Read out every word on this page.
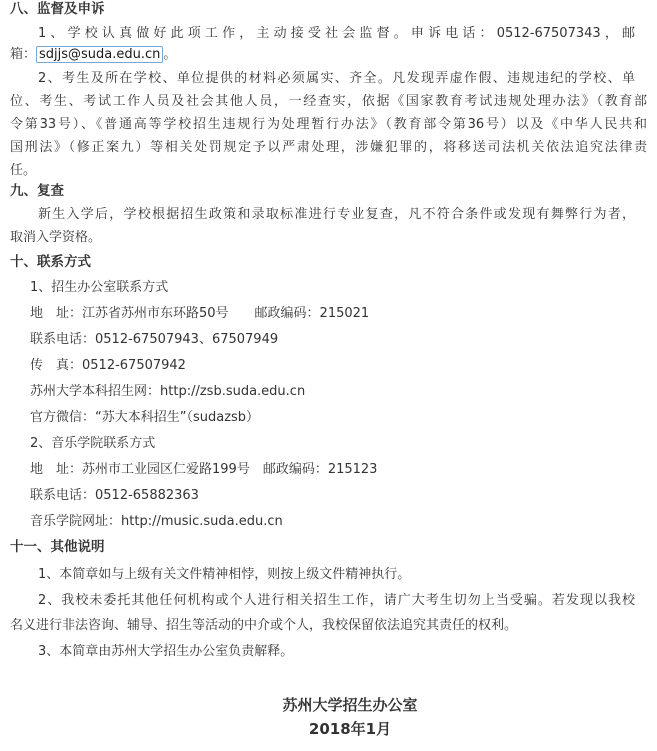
八、监督及申诉
1、学校认真做好此项工作，主动接受社会监督。申诉电话：0512-67507343，邮
箱： sdjjs@suda.edu.cn 。
2、考生及所在学校、单位提供的材料必须属实、齐全。凡发现弄虚作假、违规违纪的学校、单
位、考生、考试工作人员及社会其他人员，一经查实，依据《国家教育考试违规处理办法》（教育部
令第33号）、《普通高等学校招生违规行为处理暂行办法》（教育部令第36号）以及《中华人民共和
国刑法》（修正案九）等相关处罚规定予以严肃处理，涉嫌犯罪的，将移送司法机关依法追究法律责
任。
九、复查
新生入学后，学校根据招生政策和录取标准进行专业复查，凡不符合条件或发现有舞弊行为者，
取消入学资格。
十、联系方式
1、招生办公室联系方式
地　址：江苏省苏州市东环路50号　　邮政编码：215021
联系电话：0512-67507943、67507949
传　真：0512-67507942
苏州大学本科招生网：http://zsb.suda.edu.cn
官方微信：“苏大本科招生”（sudazsb）
2、音乐学院联系方式
地　址：苏州市工业园区仁爱路199号　邮政编码：215123
联系电话：0512-65882363
音乐学院网址：http://music.suda.edu.cn
十一、其他说明
1、本简章如与上级有关文件精神相悖，则按上级文件精神执行。
2、我校未委托其他任何机构或个人进行相关招生工作，请广大考生切勿上当受骗。若发现以我校
名义进行非法咨询、辅导、招生等活动的中介或个人，我校保留依法追究其责任的权利。
3、本简章由苏州大学招生办公室负责解释。
苏州大学招生办公室
2018年1月
